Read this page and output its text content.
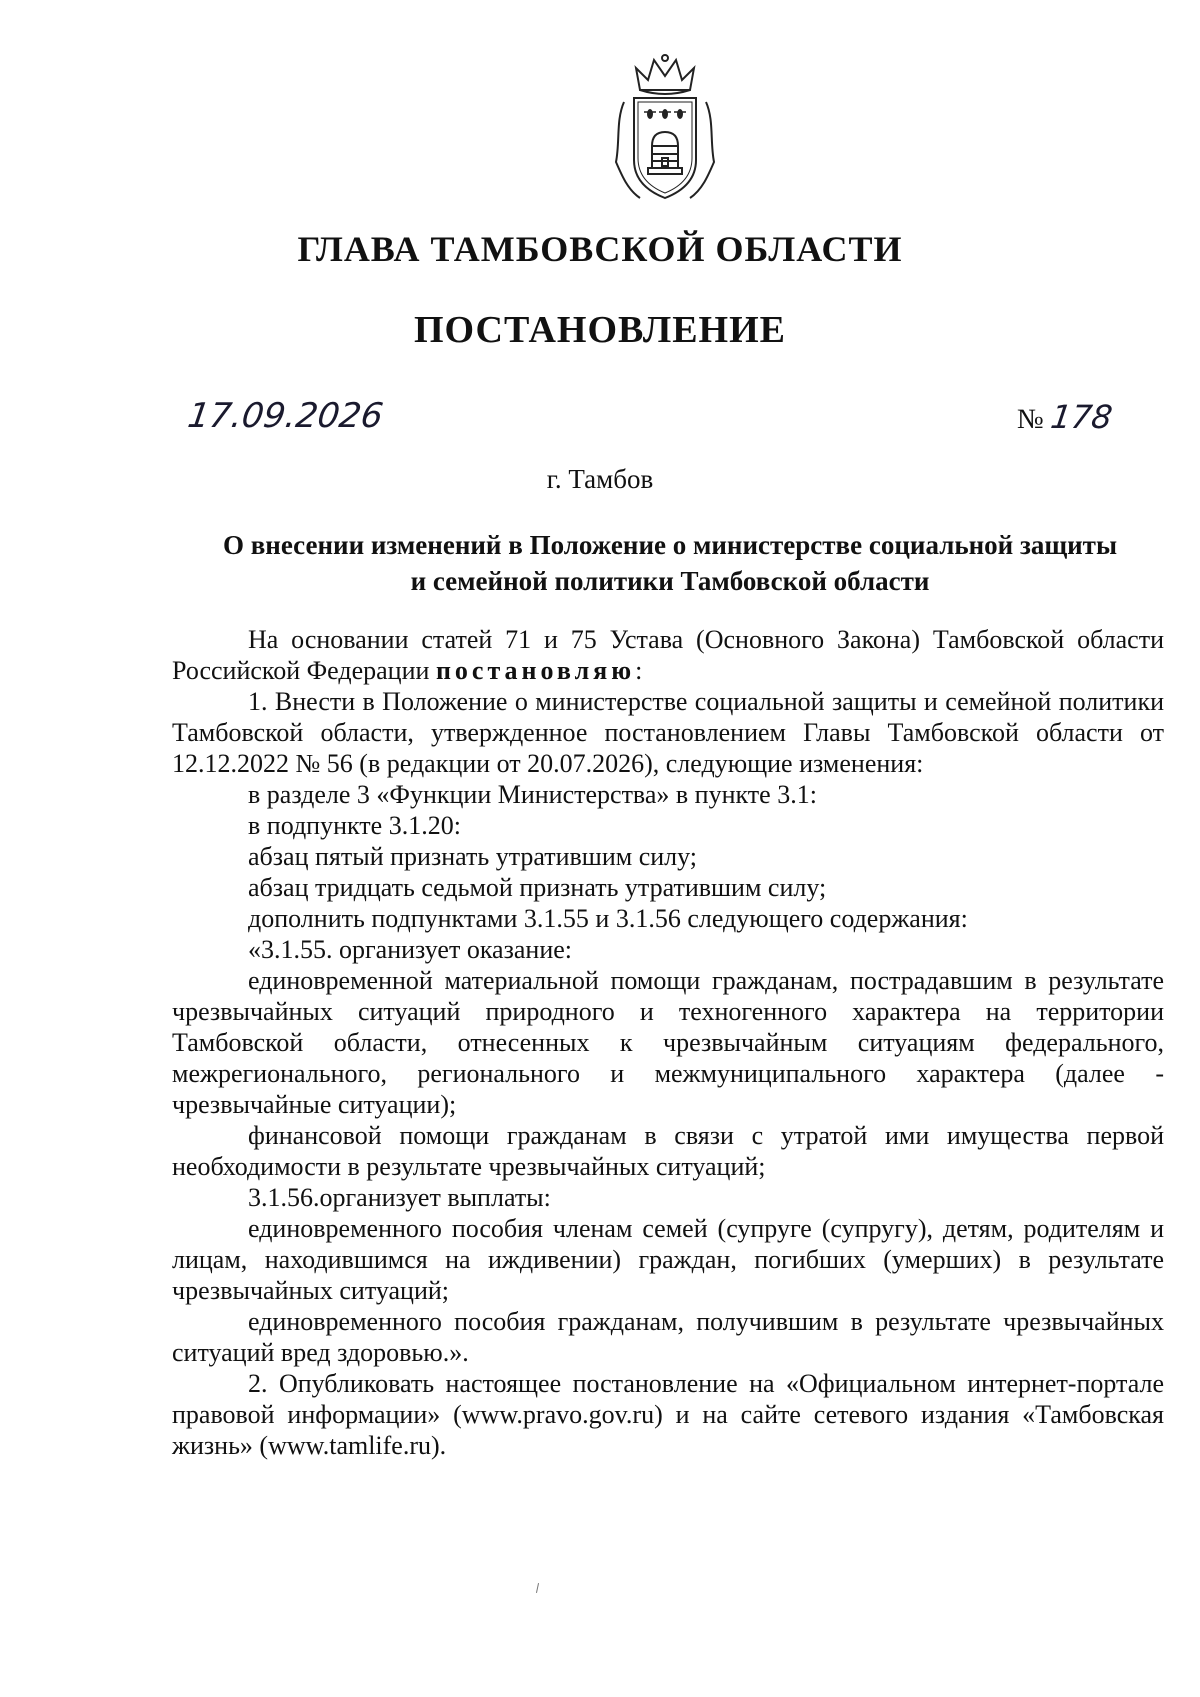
ГЛАВА ТАМБОВСКОЙ ОБЛАСТИ
ПОСТАНОВЛЕНИЕ
17.09.2026	№ 178
г. Тамбов
О внесении изменений в Положение о министерстве социальной защиты
и семейной политики Тамбовской области

На основании статей 71 и 75 Устава (Основного Закона) Тамбовской области Российской Федерации постановляю:

1. Внести в Положение о министерстве социальной защиты и семейной политики Тамбовской области, утвержденное постановлением Главы Тамбовской области от 12.12.2022 № 56 (в редакции от 20.07.2026), следующие изменения:

в разделе 3 «Функции Министерства» в пункте 3.1:

в подпункте 3.1.20:

абзац пятый признать утратившим силу;

абзац тридцать седьмой признать утратившим силу;

дополнить подпунктами 3.1.55 и 3.1.56 следующего содержания:

«3.1.55. организует оказание:

единовременной материальной помощи гражданам, пострадавшим в результате чрезвычайных ситуаций природного и техногенного характера на территории Тамбовской области, отнесенных к чрезвычайным ситуациям федерального, межрегионального, регионального и межмуниципального характера (далее - чрезвычайные ситуации);

финансовой помощи гражданам в связи с утратой ими имущества первой необходимости в результате чрезвычайных ситуаций;

3.1.56.организует выплаты:

единовременного пособия членам семей (супруге (супругу), детям, родителям и лицам, находившимся на иждивении) граждан, погибших (умерших) в результате чрезвычайных ситуаций;

единовременного пособия гражданам, получившим в результате чрезвычайных ситуаций вред здоровью.».

2. Опубликовать настоящее постановление на «Официальном интернет-портале правовой информации» (www.pravo.gov.ru) и на сайте сетевого издания «Тамбовская жизнь» (www.tamlife.ru).
